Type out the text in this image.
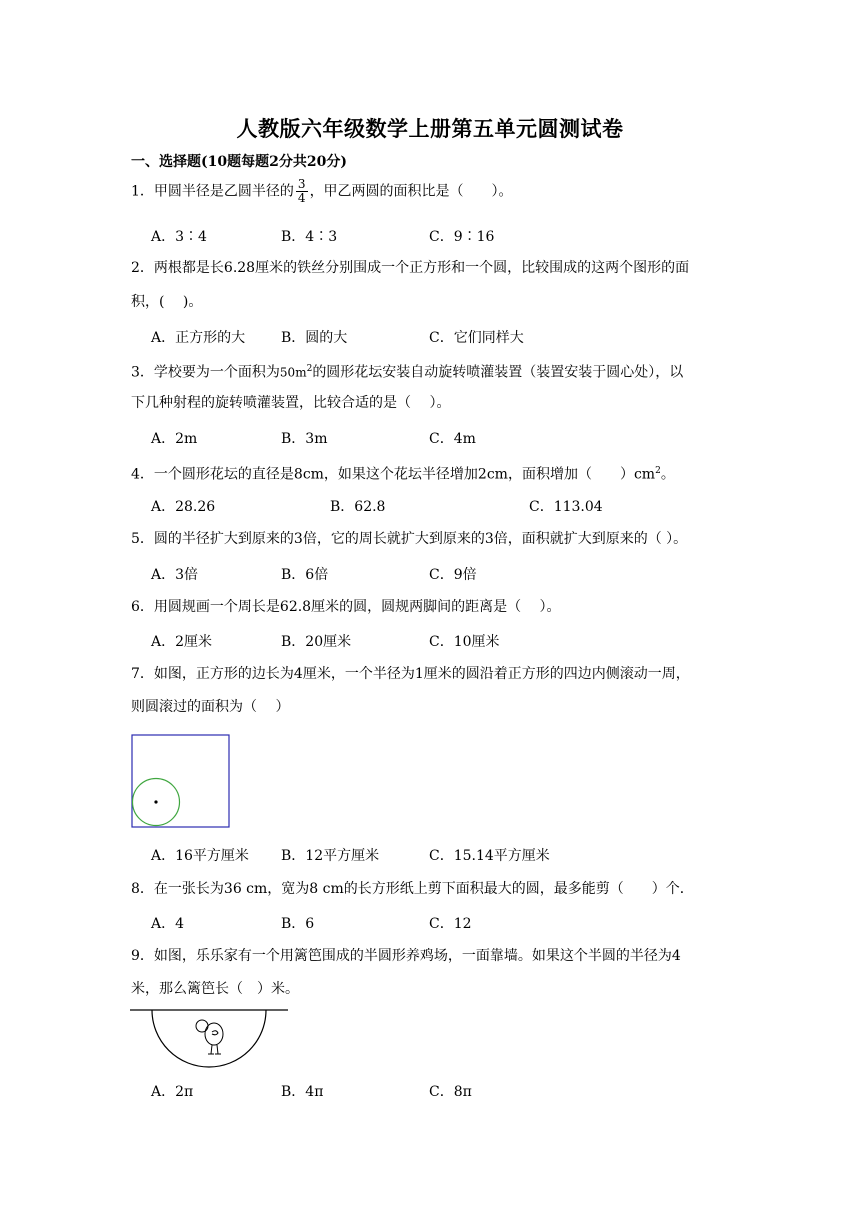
人教版六年级数学上册第五单元圆测试卷
一、选择题(10题每题2分共20分)
1．甲圆半径是乙圆半径的 $\frac{3}{4}$ ，甲乙两圆的面积比是（　　）。
A．3∶4	B．4∶3	C．9∶16
2．两根都是长6.28厘米的铁丝分别围成一个正方形和一个圆，比较围成的这两个图形的面
积，(　 )。
A．正方形的大	B．圆的大	C．它们同样大
3．学校要为一个面积为$50m^2$的圆形花坛安装自动旋转喷灌装置（装置安装于圆心处），以
下几种射程的旋转喷灌装置，比较合适的是（　 ）。
A．2m	B．3m	C．4m
4．一个圆形花坛的直径是8cm，如果这个花坛半径增加2cm，面积增加（　　）$cm^2$。
A．28.26	B．62.8	C．113.04
5．圆的半径扩大到原来的3倍，它的周长就扩大到原来的3倍，面积就扩大到原来的（ ）。
A．3倍	B．6倍	C．9倍
6．用圆规画一个周长是62.8厘米的圆，圆规两脚间的距离是（　 ）。
A．2厘米	B．20厘米	C．10厘米
7．如图，正方形的边长为4厘米，一个半径为1厘米的圆沿着正方形的四边内侧滚动一周，
则圆滚过的面积为（　 ）
A．16平方厘米 B．12平方厘米	C．15.14平方厘米
8．在一张长为36 cm，宽为8 cm的长方形纸上剪下面积最大的圆，最多能剪（　　）个．
A．4	B．6	C．12
9．如图，乐乐家有一个用篱笆围成的半圆形养鸡场，一面靠墙。如果这个半圆的半径为4
米，那么篱笆长（　）米。
A．2π	B．4π	C．8π
